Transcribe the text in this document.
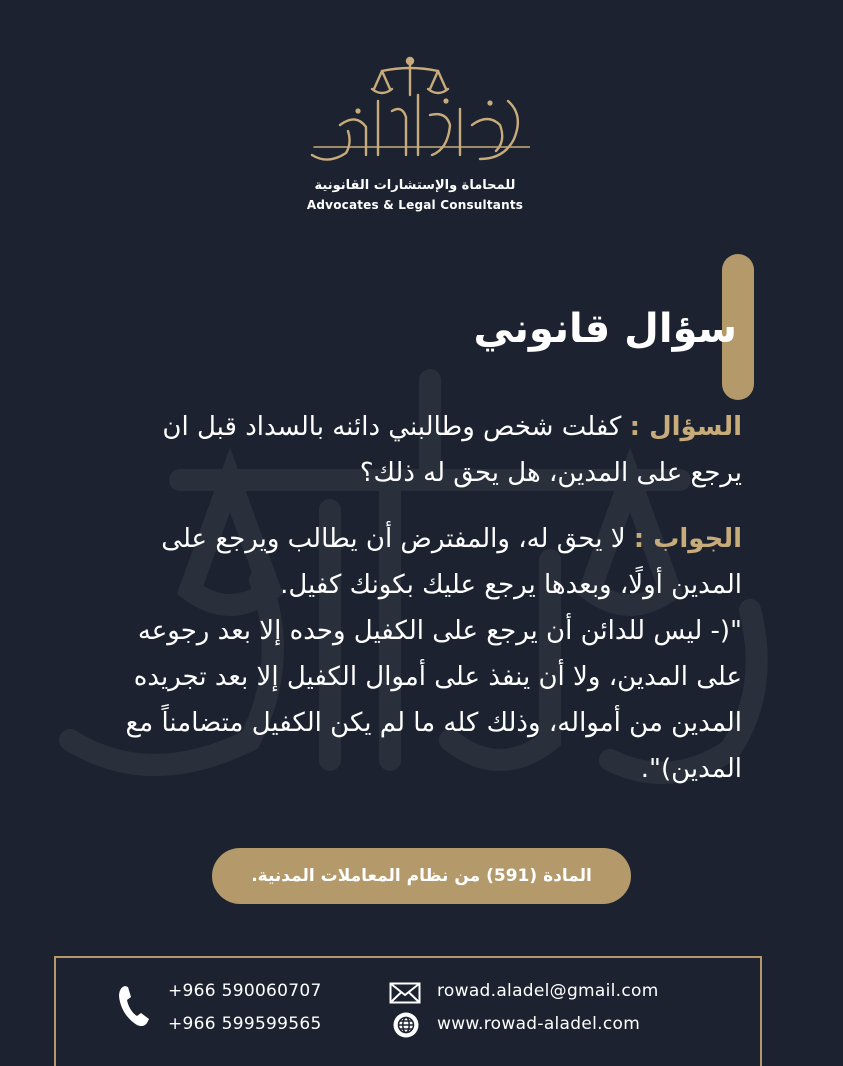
للمحاماة والإستشارات القانونية
Advocates & Legal Consultants
سؤال قانوني
السؤال : كفلت شخص وطالبني دائنه بالسداد قبل ان يرجع على المدين، هل يحق له ذلك؟
الجواب : لا يحق له، والمفترض أن يطالب ويرجع على المدين أولًا، وبعدها يرجع عليك بكونك كفيل.
"(- ليس للدائن أن يرجع على الكفيل وحده إلا بعد رجوعه على المدين، ولا أن ينفذ على أموال الكفيل إلا بعد تجريده المدين من أمواله، وذلك كله ما لم يكن الكفيل متضامناً مع المدين)".
المادة (591) من نظام المعاملات المدنية.
+966 590060707
+966 599599565
rowad.aladel@gmail.com
www.rowad-aladel.com
